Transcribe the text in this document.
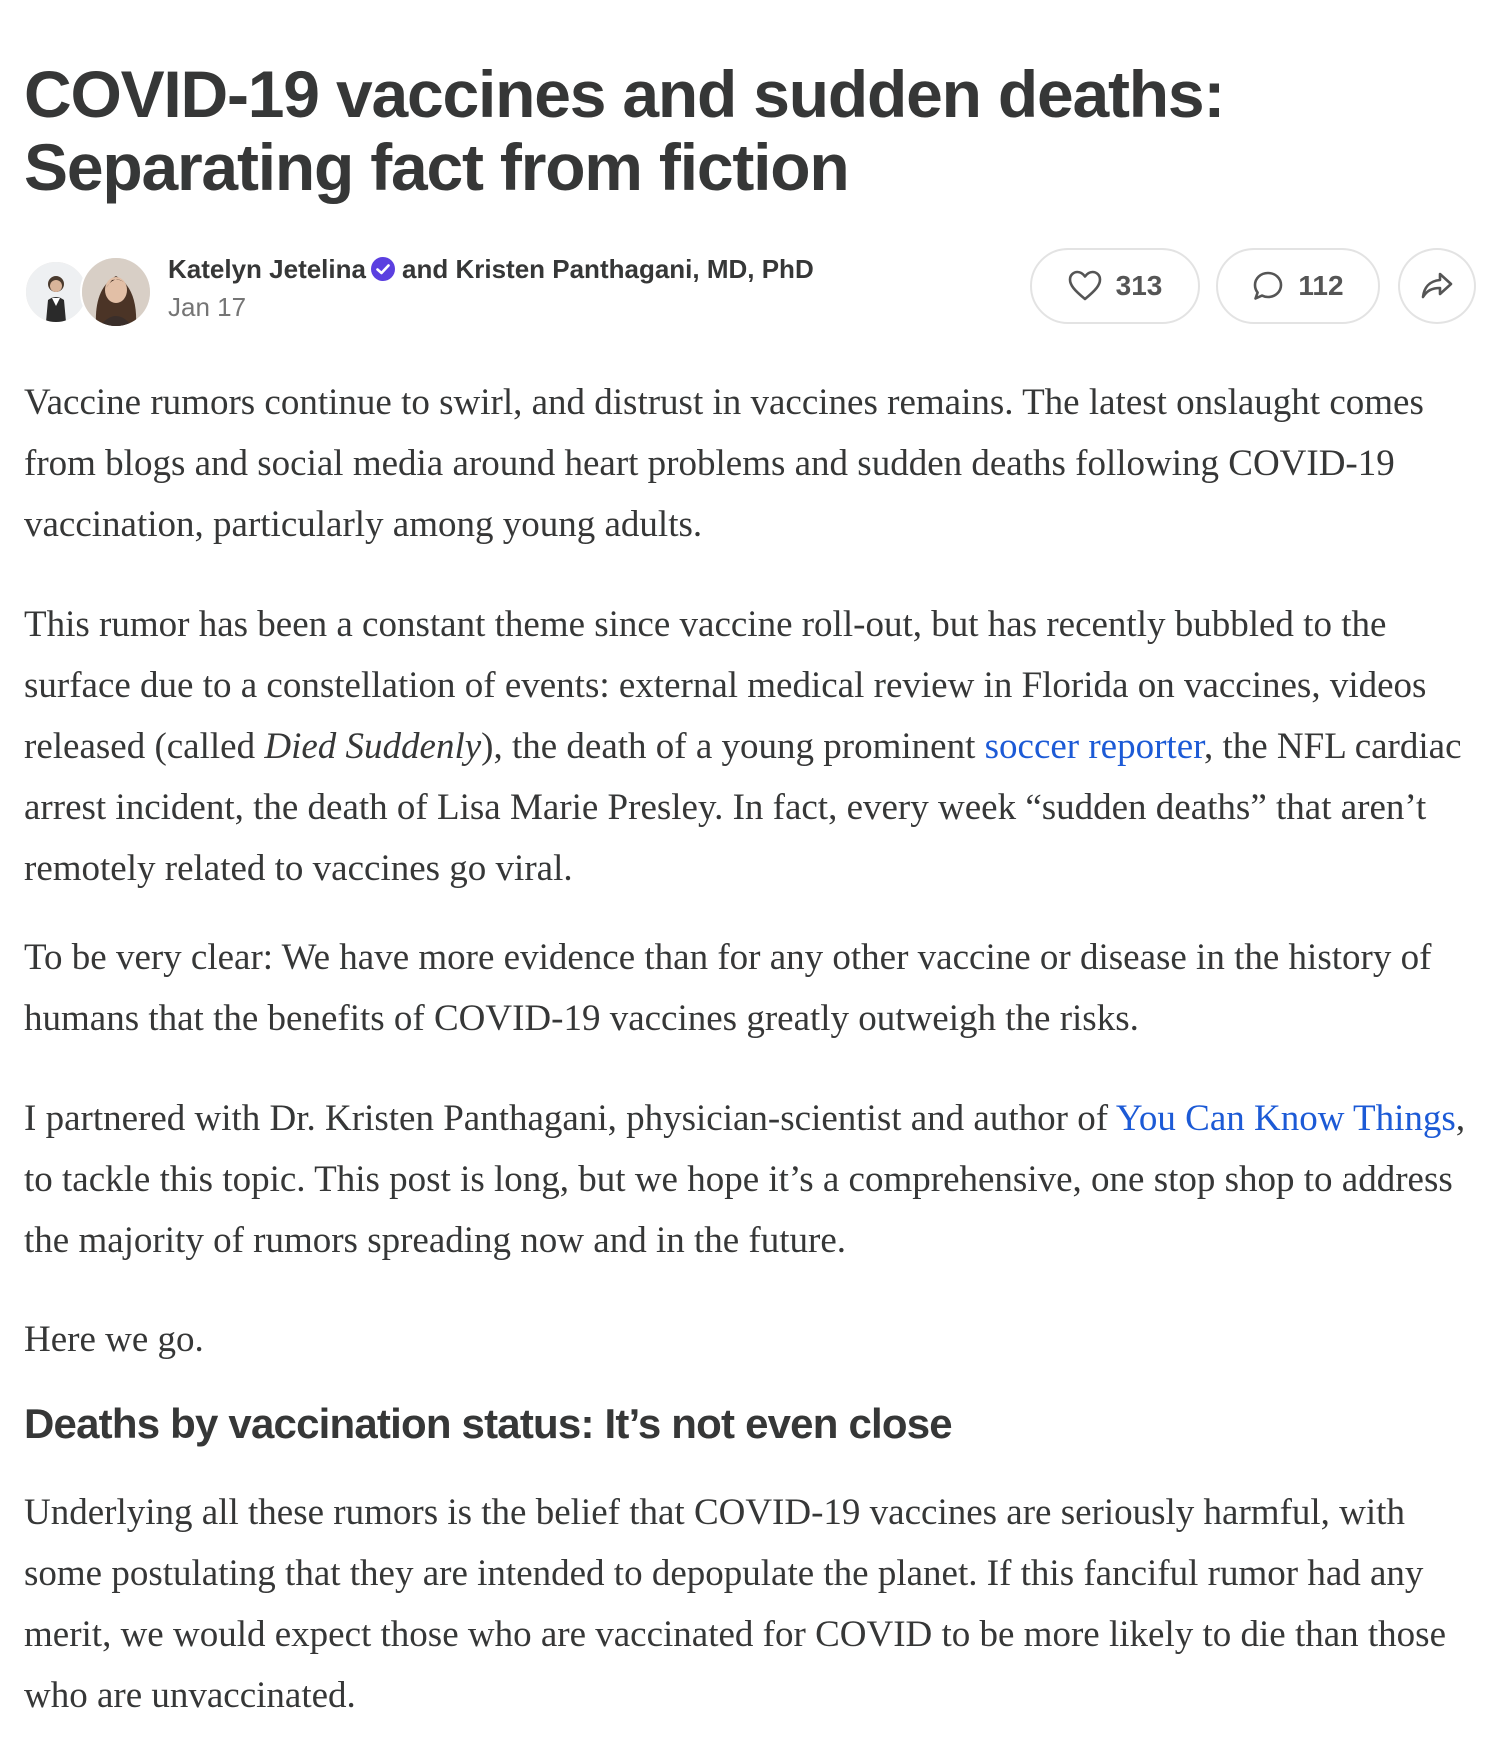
COVID-19 vaccines and sudden deaths: Separating fact from fiction
Katelyn Jetelina and Kristen Panthagani, MD, PhD
Jan 17
313	112

Vaccine rumors continue to swirl, and distrust in vaccines remains. The latest onslaught comes from blogs and social media around heart problems and sudden deaths following COVID-19 vaccination, particularly among young adults.

This rumor has been a constant theme since vaccine roll-out, but has recently bubbled to the surface due to a constellation of events: external medical review in Florida on vaccines, videos released (called Died Suddenly), the death of a young prominent soccer reporter, the NFL cardiac arrest incident, the death of Lisa Marie Presley. In fact, every week “sudden deaths” that aren’t remotely related to vaccines go viral.

To be very clear: We have more evidence than for any other vaccine or disease in the history of humans that the benefits of COVID-19 vaccines greatly outweigh the risks.

I partnered with Dr. Kristen Panthagani, physician-scientist and author of You Can Know Things, to tackle this topic. This post is long, but we hope it’s a comprehensive, one stop shop to address the majority of rumors spreading now and in the future.

Here we go.

Deaths by vaccination status: It’s not even close

Underlying all these rumors is the belief that COVID-19 vaccines are seriously harmful, with some postulating that they are intended to depopulate the planet. If this fanciful rumor had any merit, we would expect those who are vaccinated for COVID to be more likely to die than those who are unvaccinated.
